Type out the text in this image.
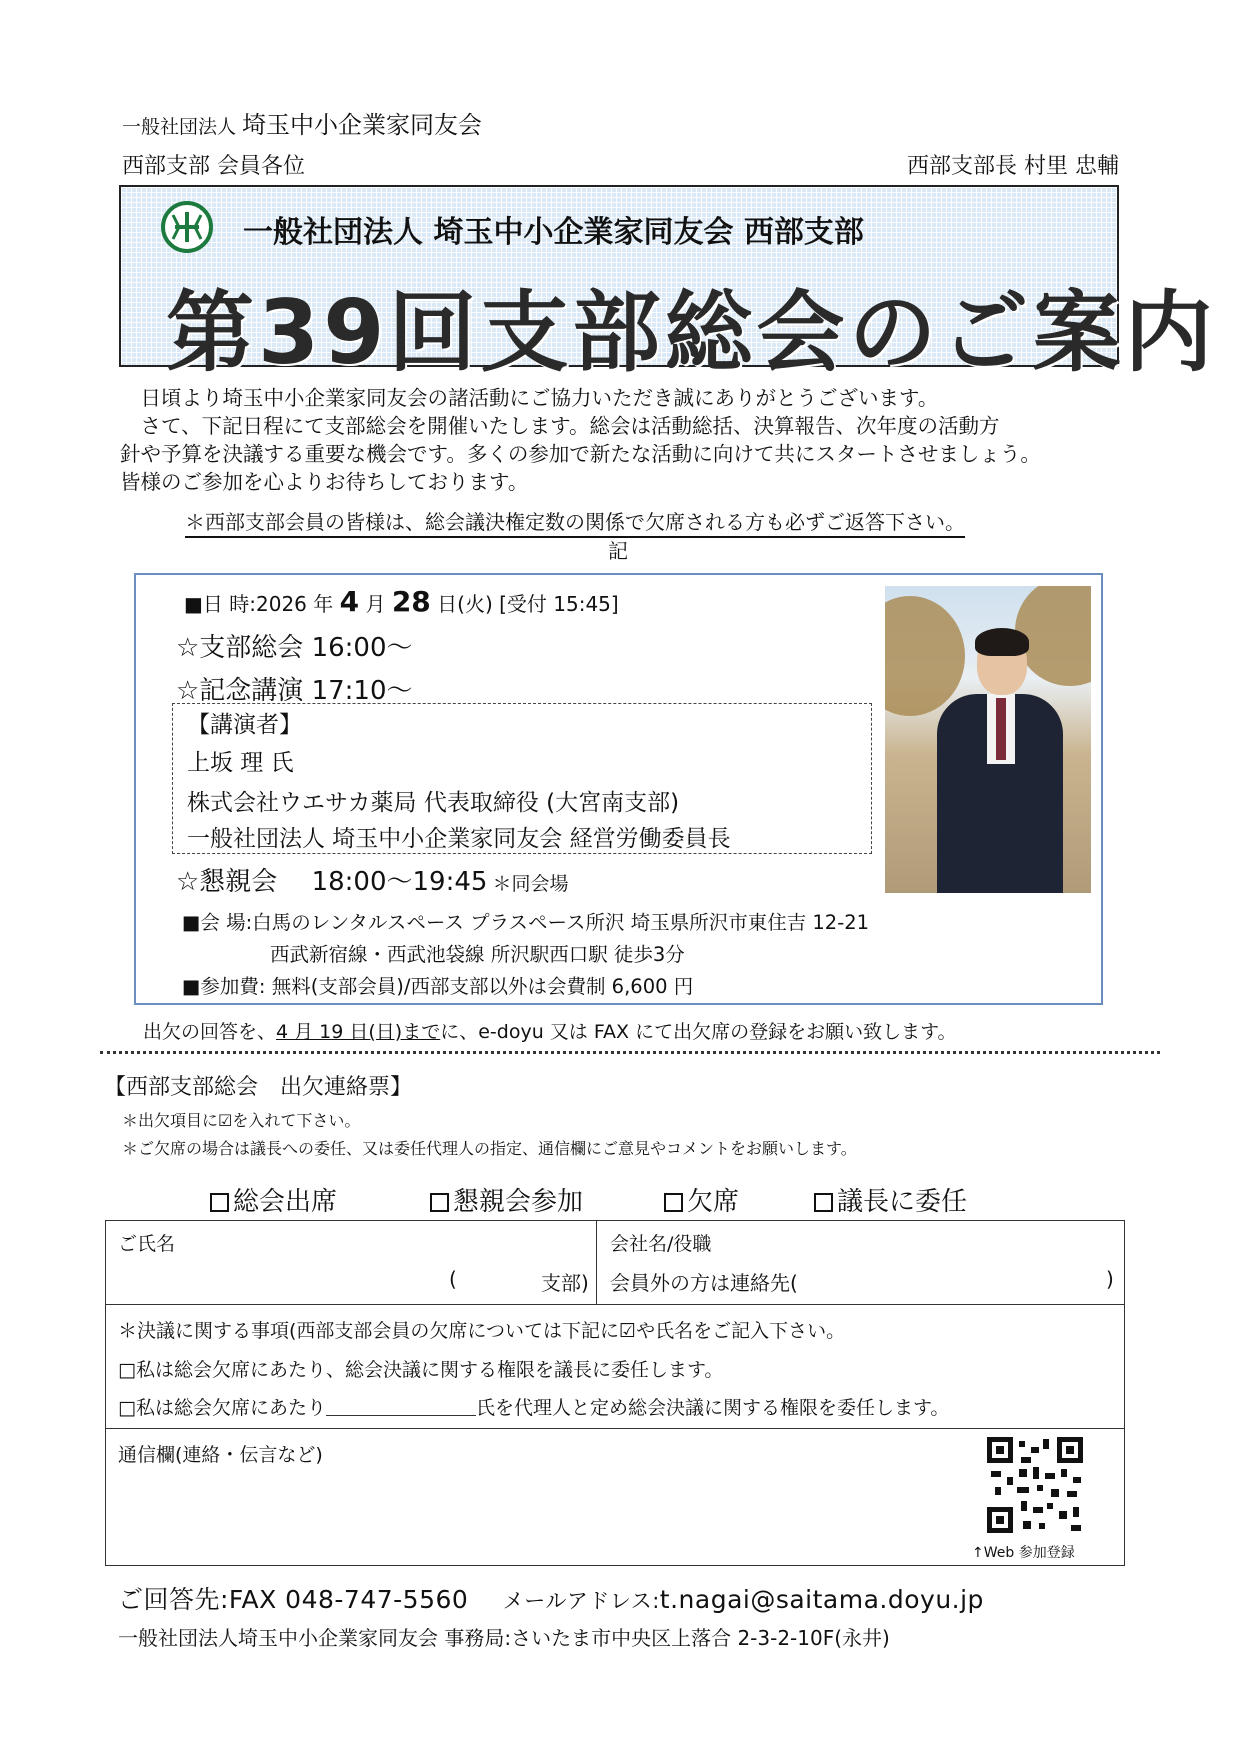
一般社団法人 埼玉中小企業家同友会
西部支部 会員各位	西部支部長 村里 忠輔
一般社団法人 埼玉中小企業家同友会 西部支部
第39回支部総会のご案内

　日頃より埼玉中小企業家同友会の諸活動にご協力いただき誠にありがとうございます。

　さて、下記日程にて支部総会を開催いたします。総会は活動総括、決算報告、次年度の活動方

針や予算を決議する重要な機会です。多くの参加で新たな活動に向けて共にスタートさせましょう。

皆様のご参加を心よりお待ちしております。

＊西部支部会員の皆様は、総会議決権定数の関係で欠席される方も必ずご返答下さい。
記
■日 時:2026 年 4 月 28 日(火) [受付 15:45]
☆支部総会 16:00～
☆記念講演 17:10～
【講演者】
上坂 理 氏
株式会社ウエサカ薬局 代表取締役 (大宮南支部)
一般社団法人 埼玉中小企業家同友会 経営労働委員長
☆懇親会　 18:00～19:45 ＊同会場
■会 場:白馬のレンタルスペース プラスペース所沢 埼玉県所沢市東住吉 12-21
西武新宿線・西武池袋線 所沢駅西口駅 徒歩3分
■参加費: 無料(支部会員)/西部支部以外は会費制 6,600 円
出欠の回答を、4 月 19 日(日)までに、e-doyu 又は FAX にて出欠席の登録をお願い致します。
【西部支部総会　出欠連絡票】
＊出欠項目に☑を入れて下さい。
＊ご欠席の場合は議長への委任、又は委任代理人の指定、通信欄にご意見やコメントをお願いします。
総会出席	懇親会参加	欠席	議長に委任
ご氏名
(	支部)
会社名/役職
会員外の方は連絡先(	)
＊決議に関する事項(西部支部会員の欠席については下記に☑や氏名をご記入下さい。
□私は総会欠席にあたり、総会決議に関する権限を議長に委任します。
□私は総会欠席にあたり	氏を代理人と定め総会決議に関する権限を委任します。
通信欄(連絡・伝言など)
↑Web 参加登録
ご回答先:FAX 048-747-5560 メールアドレス:t.nagai@saitama.doyu.jp
一般社団法人埼玉中小企業家同友会 事務局:さいたま市中央区上落合 2-3-2-10F(永井)
